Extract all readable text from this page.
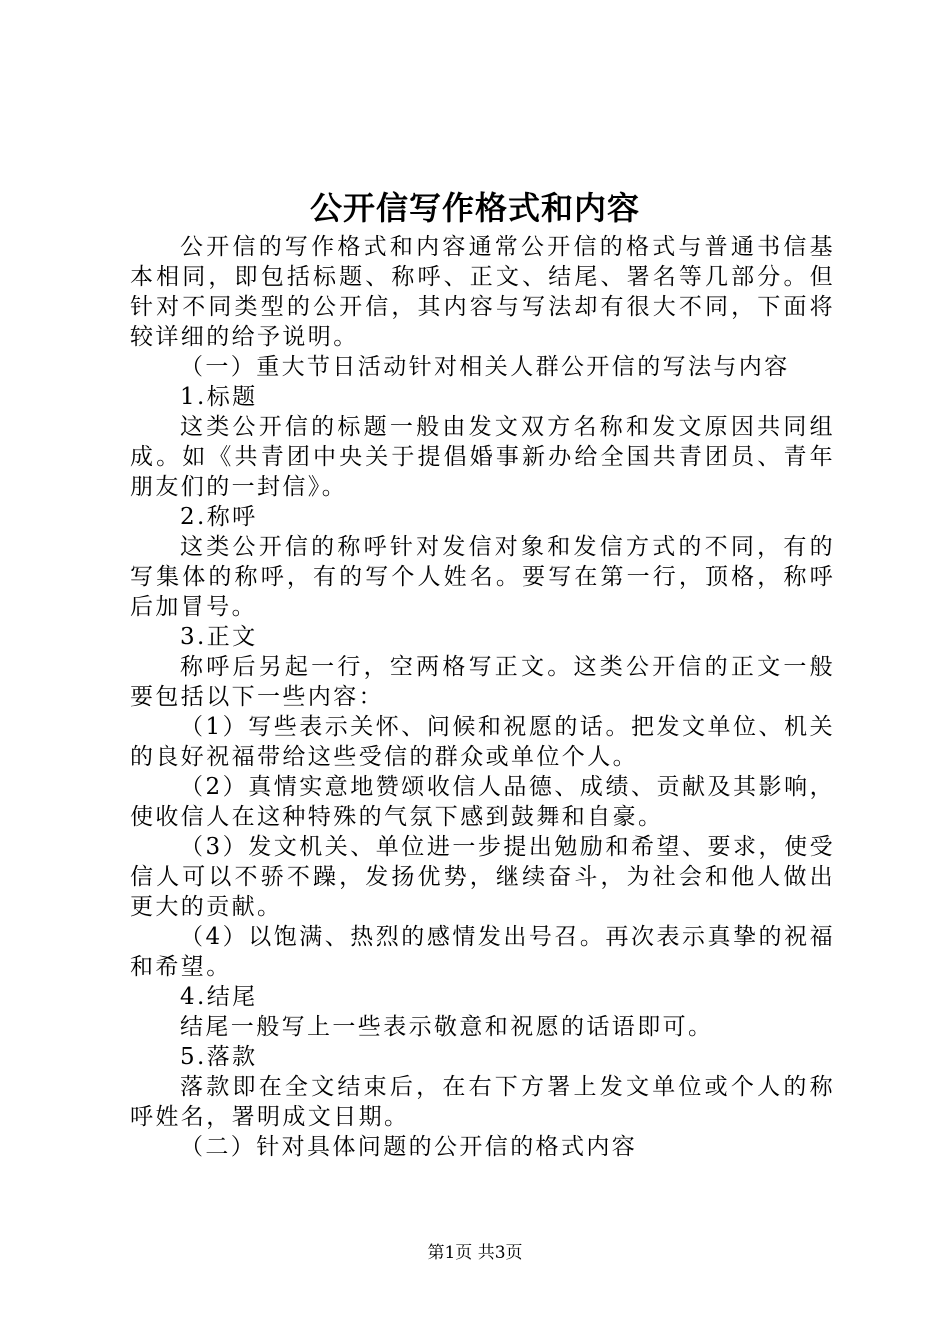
公开信写作格式和内容

公开信的写作格式和内容通常公开信的格式与普通书信基本相同，即包括标题、称呼、正文、结尾、署名等几部分。但针对不同类型的公开信，其内容与写法却有很大不同，下面将较详细的给予说明。

（一）重大节日活动针对相关人群公开信的写法与内容

1.标题

这类公开信的标题一般由发文双方名称和发文原因共同组成。如《共青团中央关于提倡婚事新办给全国共青团员、青年朋友们的一封信》。

2.称呼

这类公开信的称呼针对发信对象和发信方式的不同，有的写集体的称呼，有的写个人姓名。要写在第一行，顶格，称呼后加冒号。

3.正文

称呼后另起一行，空两格写正文。这类公开信的正文一般要包括以下一些内容：

（1）写些表示关怀、问候和祝愿的话。把发文单位、机关的良好祝福带给这些受信的群众或单位个人。

（2）真情实意地赞颂收信人品德、成绩、贡献及其影响，使收信人在这种特殊的气氛下感到鼓舞和自豪。

（3）发文机关、单位进一步提出勉励和希望、要求，使受信人可以不骄不躁，发扬优势，继续奋斗，为社会和他人做出更大的贡献。

（4）以饱满、热烈的感情发出号召。再次表示真挚的祝福和希望。

4.结尾

结尾一般写上一些表示敬意和祝愿的话语即可。

5.落款

落款即在全文结束后，在右下方署上发文单位或个人的称呼姓名，署明成文日期。

（二）针对具体问题的公开信的格式内容

第1页 共3页
